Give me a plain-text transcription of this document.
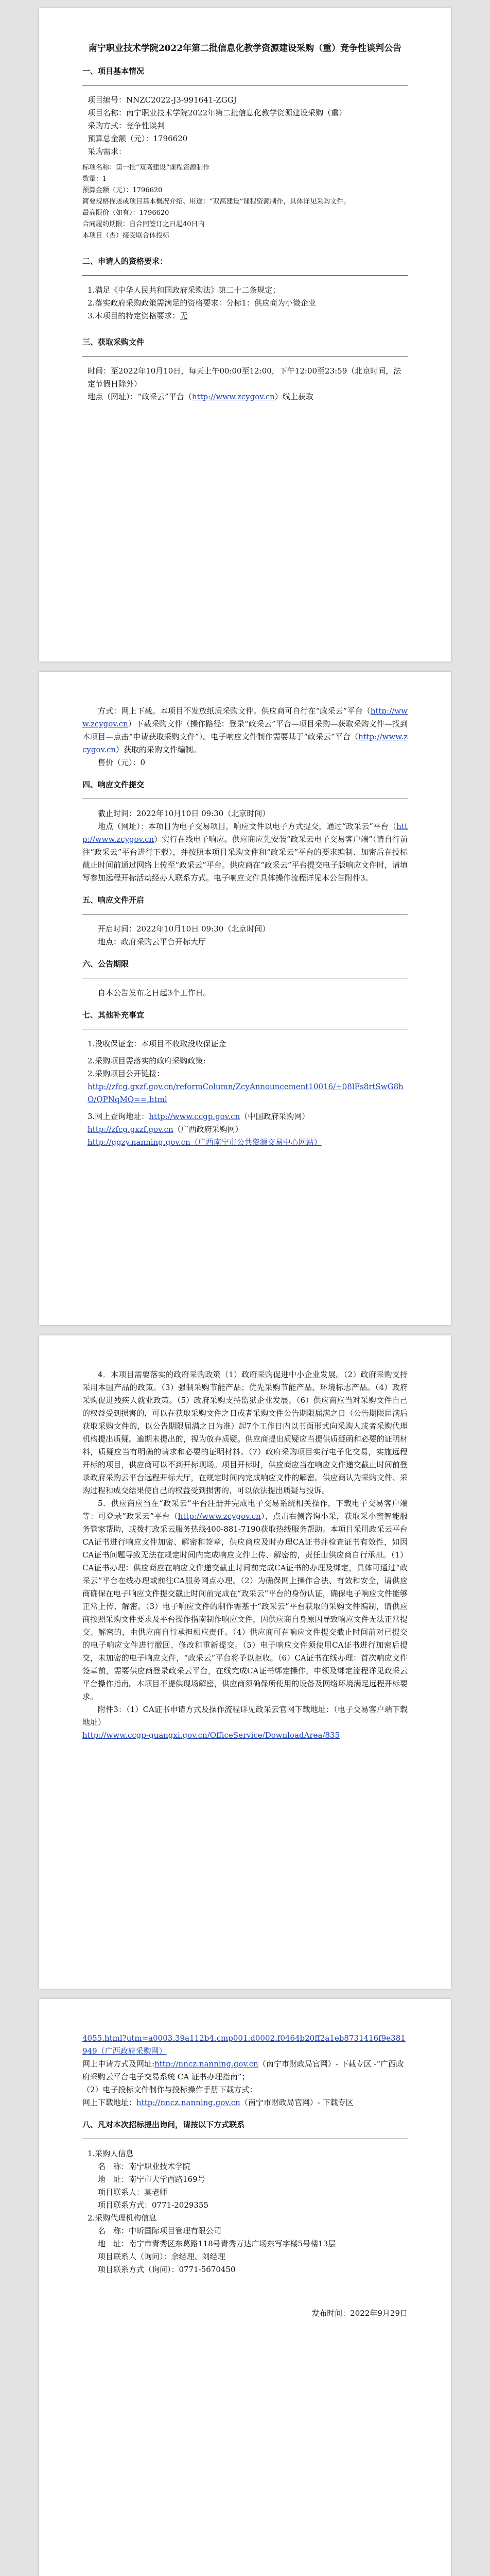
南宁职业技术学院2022年第二批信息化教学资源建设采购（重）竞争性谈判公告
一、项目基本情况

项目编号：NNZC2022-J3-991641-ZGGJ

项目名称：南宁职业技术学院2022年第二批信息化教学资源建设采购（重）

采购方式：竞争性谈判

预算总金额（元）：1796620

采购需求：

标项名称：第一批“双高建设”课程资源制作

数量：1

预算金额（元）：1796620

简要规格描述或项目基本概况介绍、用途：“双高建设”课程资源制作，具体详见采购文件。

最高限价（如有）：1796620

合同履约期限：自合同签订之日起40日内

本项目（否）接受联合体投标

二、申请人的资格要求：

1.满足《中华人民共和国政府采购法》第二十二条规定；

2.落实政府采购政策需满足的资格要求：分标1：供应商为小微企业

3.本项目的特定资格要求：无

三、获取采购文件

时间：至2022年10月10日，每天上午00:00至12:00，下午12:00至23:59（北京时间，法定节假日除外）

地点（网址）：“政采云”平台（http://www.zcygov.cn）线上获取

方式：网上下载。本项目不发放纸质采购文件。供应商可自行在“政采云”平台（http://www.zcygov.cn）下载采购文件（操作路径：登录“政采云”平台—项目采购—获取采购文件—找到本项目—点击“申请获取采购文件”）。电子响应文件制作需要基于“政采云”平台（http://www.zcygov.cn）获取的采购文件编制。

售价（元）：0

四、响应文件提交

截止时间：2022年10月10日 09:30（北京时间）

地点（网址）：本项目为电子交易项目，响应文件以电子方式提交，通过“政采云”平台（http://www.zcygov.cn）实行在线电子响应。供应商应先安装“政采云电子交易客户端”（请自行前往“政采云”平台进行下载），并按照本项目采购文件和“政采云”平台的要求编制、加密后在投标截止时间前通过网络上传至“政采云”平台。供应商在“政采云”平台提交电子版响应文件时，请填写参加远程开标活动经办人联系方式。电子响应文件具体操作流程详见本公告附件3。

五、响应文件开启

开启时间：2022年10月10日 09:30（北京时间）

地点：政府采购云平台开标大厅

六、公告期限

自本公告发布之日起3个工作日。

七、其他补充事宜

1.没收保证金：本项目不收取没收保证金

2.采购项目需落实的政府采购政策:

2.采购项目公开链接：

http://zfcg.gxzf.gov.cn/reformColumn/ZcyAnnouncement10016/+08lFs8rtSwG8hO/QPNqMQ==.html

3.网上查询地址：http://www.ccgp.gov.cn（中国政府采购网）

http://zfcg.gxzf.gov.cn（广西政府采购网）

http://ggzy.nanning.gov.cn（广西南宁市公共资源交易中心网站）

4．本项目需要落实的政府采购政策（1）政府采购促进中小企业发展。（2）政府采购支持采用本国产品的政策。（3）强制采购节能产品；优先采购节能产品、环境标志产品。（4）政府采购促进残疾人就业政策。（5）政府采购支持监狱企业发展。（6）供应商应当对采购文件自己的权益受到损害的，可以在获取采购文件之日或者采购文件公告期限届满之日（公告期限届满后获取采购文件的，以公告期限届满之日为准）起7个工作日内以书面形式向采购人或者采购代理机构提出质疑。逾期未提出的，视为放弃质疑。供应商提出质疑应当提供质疑函和必要的证明材料，质疑应当有明确的请求和必要的证明材料。（7）政府采购项目实行电子化交易，实施远程开标的项目，供应商可以不到开标现场。项目开标时，供应商应当在响应文件递交截止时间前登录政府采购云平台远程开标大厅，在规定时间内完成响应文件的解密。供应商认为采购文件、采购过程和成交结果使自己的权益受到损害的，可以依法提出质疑与投诉。

5．供应商应当在“政采云”平台注册并完成电子交易系统相关操作，下载电子交易客户端等：可登录“政采云”平台（http://www.zcygov.cn），点击右侧咨询小采，获取采小蜜智能服务管家帮助，或拨打政采云服务热线400-881-7190获取热线服务帮助。本项目采用政采云平台CA证书进行响应文件加密、解密和签章，供应商应及时办理CA证书并检查证书有效性，如因CA证书问题导致无法在规定时间内完成响应文件上传、解密的，责任由供应商自行承担。（1）CA证书办理：供应商应在响应文件递交截止时间前完成CA证书的办理及绑定，具体可通过“政采云”平台在线办理或前往CA服务网点办理。（2）为确保网上操作合法、有效和安全，请供应商确保在电子响应文件提交截止时间前完成在“政采云”平台的身份认证，确保电子响应文件能够正常上传、解密。（3）电子响应文件的制作需基于“政采云”平台获取的采购文件编制，请供应商按照采购文件要求及平台操作指南制作响应文件，因供应商自身原因导致响应文件无法正常提交、解密的，由供应商自行承担相应责任。（4）供应商可在响应文件提交截止时间前对已提交的电子响应文件进行撤回、修改和重新提交。（5）电子响应文件须使用CA证书进行加密后提交，未加密的电子响应文件，“政采云”平台将予以拒收。（6）CA证书在线办理：首次响应文件签章前，需要供应商登录政采云平台，在线完成CA证书绑定操作，申领及绑定流程详见政采云平台操作指南。本项目不提供现场解密，供应商须确保所使用的设备及网络环境满足远程开标要求。

附件3：（1）CA证书申请方式及操作流程详见政采云官网下载地址：（电子交易客户端下载地址）

http://www.ccgp-guangxi.gov.cn/OfficeService/DownloadArea/835

4055.html?utm=a0003.39a112b4.cmp001.d0002.f0464b20ff2a1eb8731416f9e381949（广西政府采购网）

网上申请方式及网址:http://nncz.nanning.gov.cn（南宁市财政局官网）- 下载专区 -“广西政府采购云平台电子交易系统 CA 证书办理指南”；

（2）电子投标文件制作与投标操作手册下载方式：

网上下载地址：http://nncz.nanning.gov.cn（南宁市财政局官网）- 下载专区

八、凡对本次招标提出询问，请按以下方式联系

1.采购人信息

名　称：南宁职业技术学院

地　址：南宁市大学西路169号

项目联系人：莫老师

项目联系方式：0771-2029355

2.采购代理机构信息

名　称：中昕国际项目管理有限公司

地　址：南宁市青秀区东葛路118号青秀万达广场东写字楼5号楼13层

项目联系人（询问）：余经理、刘经理

项目联系方式（询问）：0771-5670450

发布时间：2022年9月29日
